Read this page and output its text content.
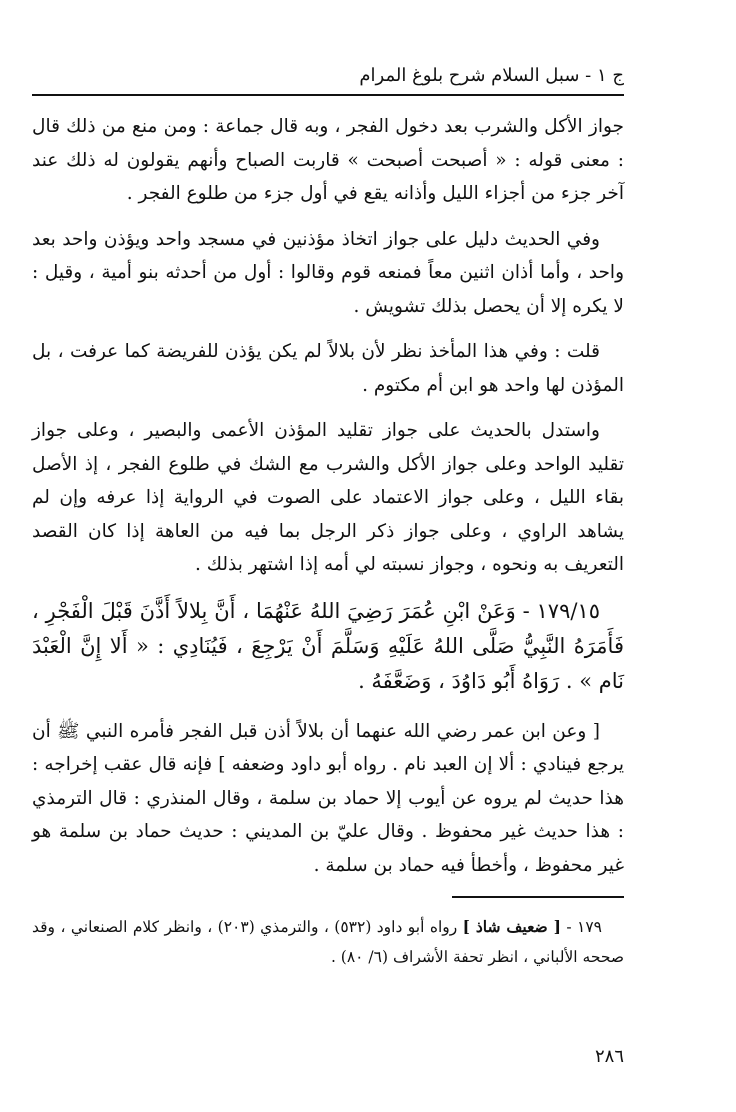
ج ١ - سبل السلام شرح بلوغ المرام

جواز الأكل والشرب بعد دخول الفجر ، وبه قال جماعة : ومن منع من ذلك قال : معنى قوله : « أصبحت أصبحت » قاربت الصباح وأنهم يقولون له ذلك عند آخر جزء من أجزاء الليل وأذانه يقع في أول جزء من طلوع الفجر .

وفي الحديث دليل على جواز اتخاذ مؤذنين في مسجد واحد ويؤذن واحد بعد واحد ، وأما أذان اثنين معاً فمنعه قوم وقالوا : أول من أحدثه بنو أمية ، وقيل : لا يكره إلا أن يحصل بذلك تشويش .

قلت : وفي هذا المأخذ نظر لأن بلالاً لم يكن يؤذن للفريضة كما عرفت ، بل المؤذن لها واحد هو ابن أم مكتوم .

واستدل بالحديث على جواز تقليد المؤذن الأعمى والبصير ، وعلى جواز تقليد الواحد وعلى جواز الأكل والشرب مع الشك في طلوع الفجر ، إذ الأصل بقاء الليل ، وعلى جواز الاعتماد على الصوت في الرواية إذا عرفه وإن لم يشاهد الراوي ، وعلى جواز ذكر الرجل بما فيه من العاهة إذا كان القصد التعريف به ونحوه ، وجواز نسبته لي أمه إذا اشتهر بذلك .

١٧٩/١٥ - وَعَنْ ابْنِ عُمَرَ رَضِيَ اللهُ عَنْهُمَا ، أَنَّ بِلالاً أَذَّنَ قَبْلَ الْفَجْرِ ، فَأَمَرَهُ النَّبِيُّ صَلَّى اللهُ عَلَيْهِ وَسَلَّمَ أَنْ يَرْجِعَ ، فَيُنَادِي : « أَلا إِنَّ الْعَبْدَ نَام » . رَوَاهُ أَبُو دَاوُدَ ، وَضَعَّفَهُ .

[ وعن ابن عمر رضي الله عنهما أن بلالاً أذن قبل الفجر فأمره النبي ﷺ أن يرجع فينادي : ألا إن العبد نام . رواه أبو داود وضعفه ] فإنه قال عقب إخراجه : هذا حديث لم يروه عن أيوب إلا حماد بن سلمة ، وقال المنذري : قال الترمذي : هذا حديث غير محفوظ . وقال عليّ بن المديني : حديث حماد بن سلمة هو غير محفوظ ، وأخطأ فيه حماد بن سلمة .

١٧٩ - [ ضعيف شاذ ] رواه أبو داود (٥٣٢) ، والترمذي (٢٠٣) ، وانظر كلام الصنعاني ، وقد صححه الألباني ، انظر تحفة الأشراف (٦/ ٨٠) .

٢٨٦
